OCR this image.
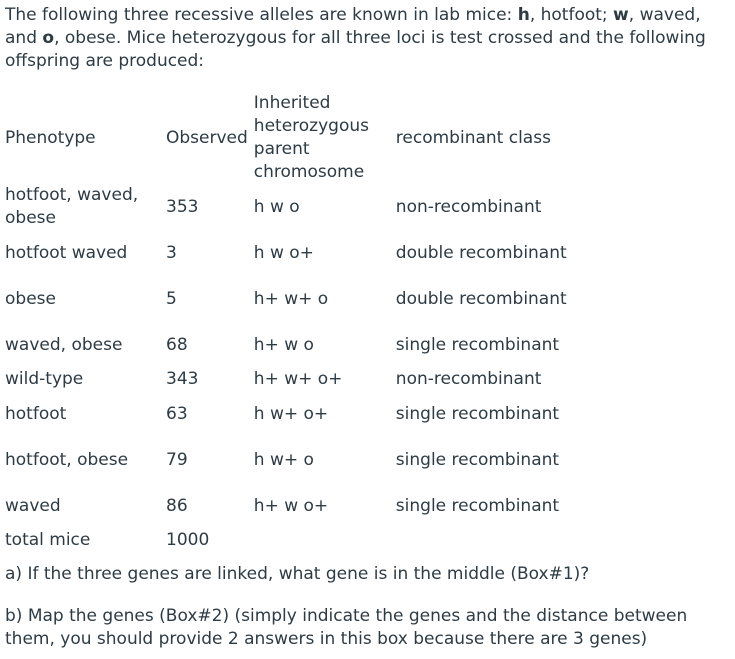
The following three recessive alleles are known in lab mice: h, hotfoot; w, waved, and o, obese. Mice heterozygous for all three loci is test crossed and the following offspring are produced:

Phenotype	Observed	Inherited heterozygous parent chromosome	recombinant class
hotfoot, waved, obese	353	h w o	non-recombinant
hotfoot waved	3	h w o+	double recombinant
obese	5	h+ w+ o	double recombinant
waved, obese	68	h+ w o	single recombinant
wild-type	343	h+ w+ o+	non-recombinant
hotfoot	63	h w+ o+	single recombinant
hotfoot, obese	79	h w+ o	single recombinant
waved	86	h+ w o+	single recombinant
total mice	1000		

a) If the three genes are linked, what gene is in the middle (Box#1)?

b) Map the genes (Box#2) (simply indicate the genes and the distance between them, you should provide 2 answers in this box because there are 3 genes)
